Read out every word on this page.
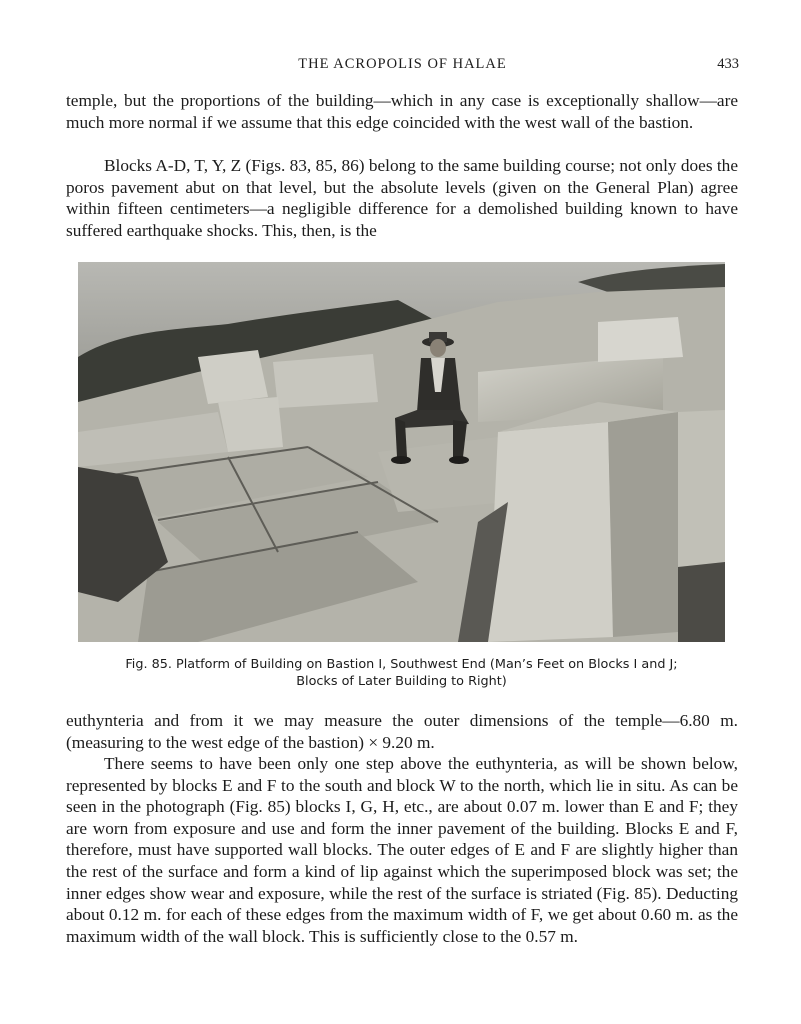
THE ACROPOLIS OF HALAE	433

temple, but the proportions of the building—which in any case is exceptionally shallow—are much more normal if we assume that this edge coincided with the west wall of the bastion.

Blocks A-D, T, Y, Z (Figs. 83, 85, 86) belong to the same building course; not only does the poros pavement abut on that level, but the absolute levels (given on the General Plan) agree within fifteen centimeters—a negligible difference for a demolished building known to have suffered earthquake shocks. This, then, is the

Fig. 85. Platform of Building on Bastion I, Southwest End (Man’s Feet on Blocks I and J;
Blocks of Later Building to Right)

euthynteria and from it we may measure the outer dimensions of the temple—6.80 m. (measuring to the west edge of the bastion) × 9.20 m.

There seems to have been only one step above the euthynteria, as will be shown below, represented by blocks E and F to the south and block W to the north, which lie in situ. As can be seen in the photograph (Fig. 85) blocks I, G, H, etc., are about 0.07 m. lower than E and F; they are worn from exposure and use and form the inner pavement of the building. Blocks E and F, therefore, must have supported wall blocks. The outer edges of E and F are slightly higher than the rest of the surface and form a kind of lip against which the superimposed block was set; the inner edges show wear and exposure, while the rest of the surface is striated (Fig. 85). Deducting about 0.12 m. for each of these edges from the maximum width of F, we get about 0.60 m. as the maximum width of the wall block. This is sufficiently close to the 0.57 m.
